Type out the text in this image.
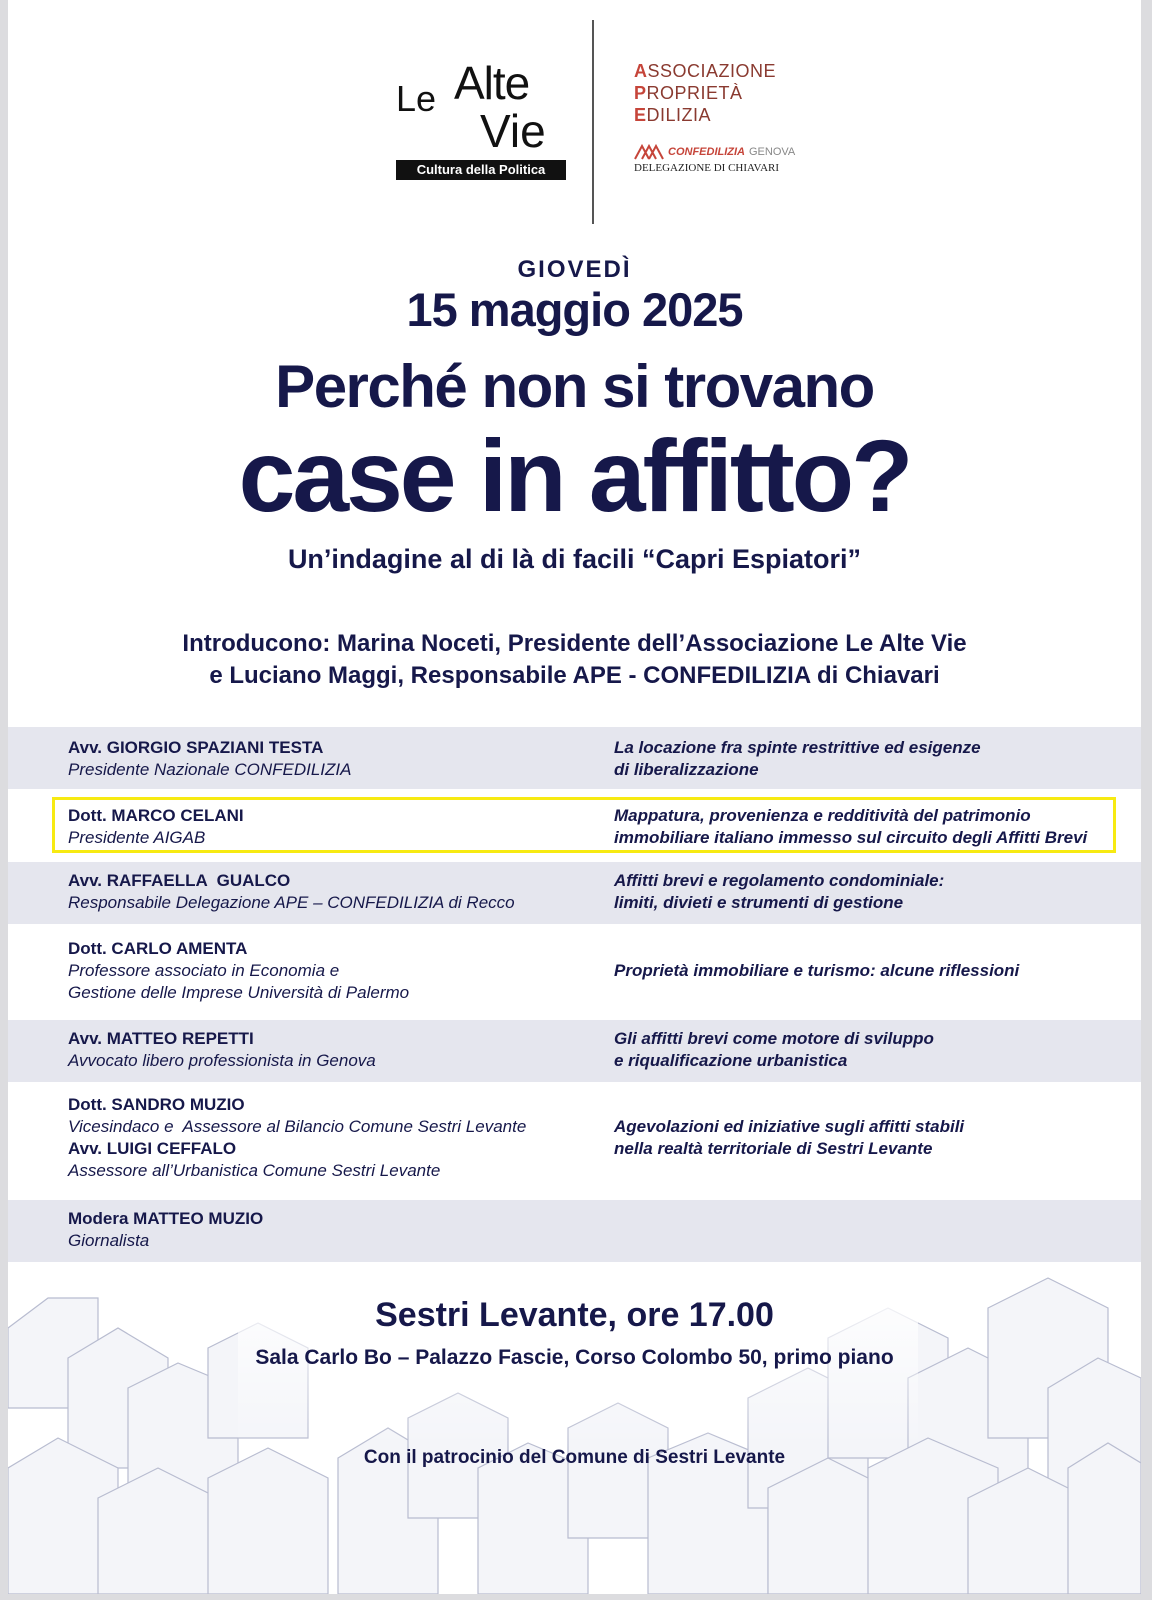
Le Alte
Vie
Cultura della Politica
ASSOCIAZIONE
PROPRIETÀ
EDILIZIA
CONFEDILIZIA GENOVA
DELEGAZIONE DI CHIAVARI
GIOVEDÌ
15 maggio 2025
Perché non si trovano
case in affitto?
Un’indagine al di là di facili “Capri Espiatori”
Introducono: Marina Noceti, Presidente dell’Associazione Le Alte Vie
e Luciano Maggi, Responsabile APE - CONFEDILIZIA di Chiavari
Avv. GIORGIO SPAZIANI TESTA
Presidente Nazionale CONFEDILIZIA
La locazione fra spinte restrittive ed esigenze
di liberalizzazione
Dott. MARCO CELANI
Presidente AIGAB
Mappatura, provenienza e redditività del patrimonio
immobiliare italiano immesso sul circuito degli Affitti Brevi
Avv. RAFFAELLA  GUALCO
Responsabile Delegazione APE – CONFEDILIZIA di Recco
Affitti brevi e regolamento condominiale:
limiti, divieti e strumenti di gestione
Dott. CARLO AMENTA
Professore associato in Economia e
Gestione delle Imprese Università di Palermo
Proprietà immobiliare e turismo: alcune riflessioni
Avv. MATTEO REPETTI
Avvocato libero professionista in Genova
Gli affitti brevi come motore di sviluppo
e riqualificazione urbanistica
Dott. SANDRO MUZIO
Vicesindaco e  Assessore al Bilancio Comune Sestri Levante
Avv. LUIGI CEFFALO
Assessore all’Urbanistica Comune Sestri Levante
Agevolazioni ed iniziative sugli affitti stabili
nella realtà territoriale di Sestri Levante
Modera MATTEO MUZIO
Giornalista
Sestri Levante, ore 17.00
Sala Carlo Bo – Palazzo Fascie, Corso Colombo 50, primo piano
Con il patrocinio del Comune di Sestri Levante
